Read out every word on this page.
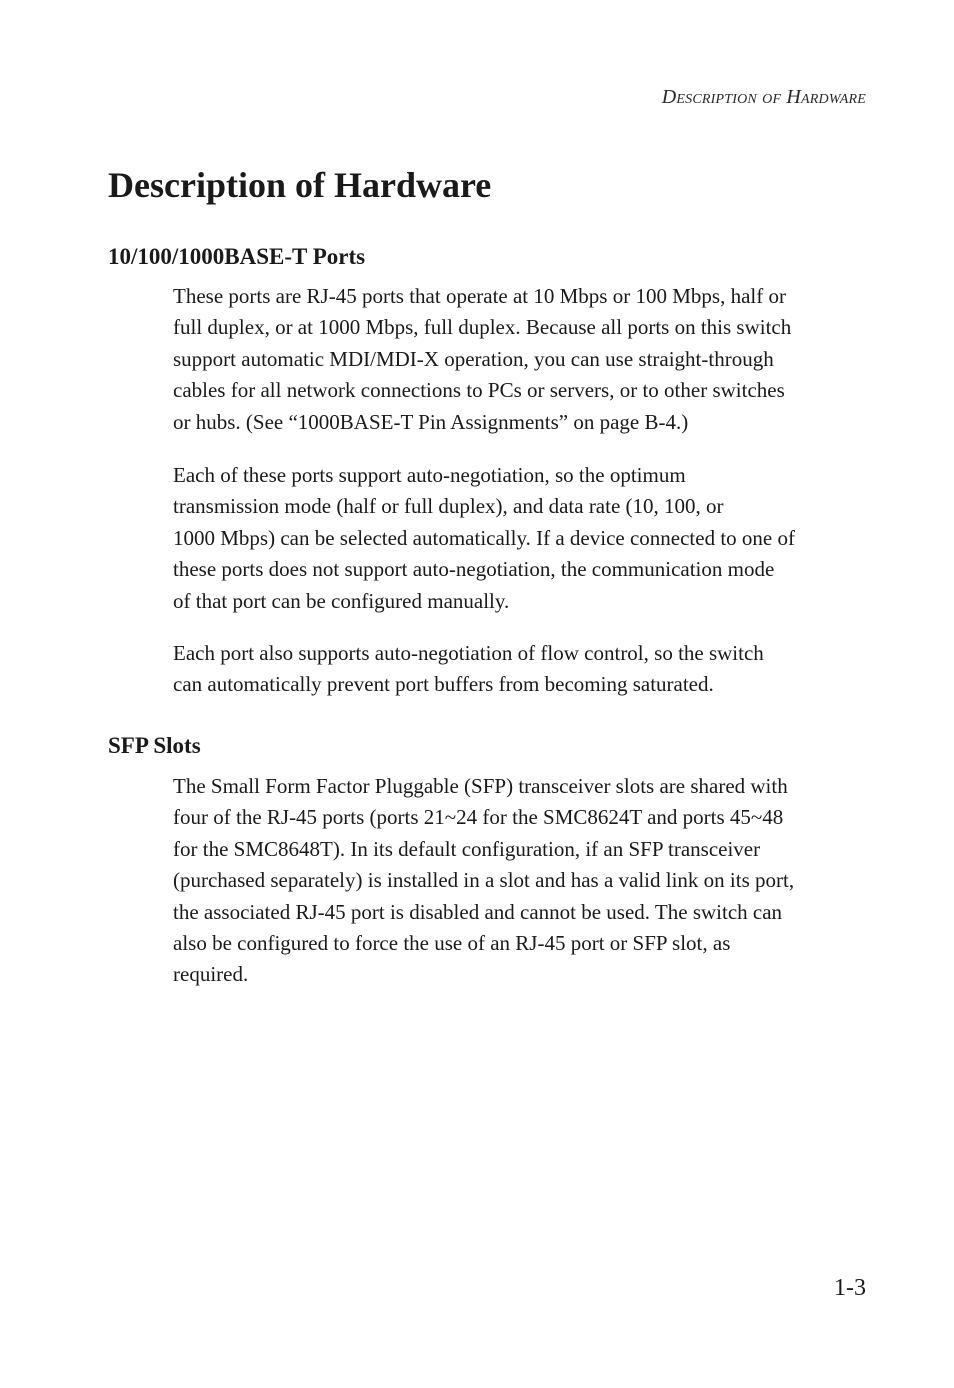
Description of Hardware
Description of Hardware
10/100/1000BASE-T Ports

These ports are RJ-45 ports that operate at 10 Mbps or 100 Mbps, half or
full duplex, or at 1000 Mbps, full duplex. Because all ports on this switch
support automatic MDI/MDI-X operation, you can use straight-through
cables for all network connections to PCs or servers, or to other switches
or hubs. (See “1000BASE-T Pin Assignments” on page B-4.)

Each of these ports support auto-negotiation, so the optimum
transmission mode (half or full duplex), and data rate (10, 100, or
1000 Mbps) can be selected automatically. If a device connected to one of
these ports does not support auto-negotiation, the communication mode
of that port can be configured manually.

Each port also supports auto-negotiation of flow control, so the switch
can automatically prevent port buffers from becoming saturated.

SFP Slots

The Small Form Factor Pluggable (SFP) transceiver slots are shared with
four of the RJ-45 ports (ports 21~24 for the SMC8624T and ports 45~48
for the SMC8648T). In its default configuration, if an SFP transceiver
(purchased separately) is installed in a slot and has a valid link on its port,
the associated RJ-45 port is disabled and cannot be used. The switch can
also be configured to force the use of an RJ-45 port or SFP slot, as
required.

1-3
